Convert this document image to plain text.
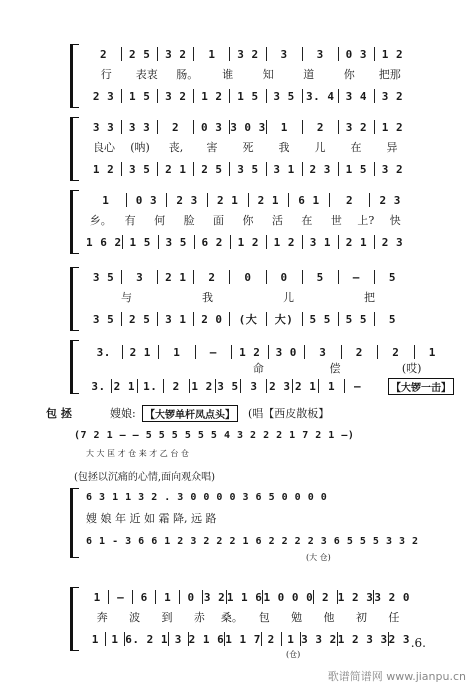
2	2 5	3 2	1	3 2	3	3	0 3	1 2
行	表衷	肠。	谁	知	道	你	把那
2 3	1 5	3 2	1 2	1 5	3 5	3. 4	3 4	3 2
3 3	3 3	2	0 3 3 0 3	1	2	3 2	1 2
良心	(呐)	丧,	害	死	我	儿	在	异
1 2	3 5	2 1	2 5	3 5	3 1	2 3	1 5	3 2
1	0 3	2 3	2 1	2 1	6 1	2	2 3
乡。	有	何	脸	面	你	活	在	世	上?	快
1 6 2 1 5	3 5	6 2	1 2	1 2	3 1	2 1	2 3
3 5	3	2 1	2	0	0	5	—	5
与	我	儿	把
3 5	2 5	3 1	2 0	(大	大)	5 5	5 5	5
3.	2 1	1	—	1 2	3 0	3	2	2	1
命	偿	(哎)
3. 2 1 1.	2	1 2 3 5	3	2 3 2 1	1	—	【大锣一击】
包 拯	嫂娘: 【大锣单杆凤点头】 (唱【西皮散板】
(7 2 1 — — 5 5 5 5 5 5 4 3 2 2 2 1 7 2 1 —)
大 大 匡 才 仓 来 才 乙 台 仓
(包拯以沉痛的心情,面向观众唱)
6 3 1 1 3 2 . 3 0 0 0 0 3 6 5 0 0 0 0
嫂 娘 年 近 如 霜 降, 远 路
6 1 - 3 6 6 1 2 3 2 2 2 1 6 2 2 2 2 3 6 5 5 5 3 3 2
(大 仓)
1	—	6	1	0 3 2 1 1 6 1 0 0 0 2 1 2 3 3 2 0
奔	波	到	赤	桑。	包	勉	他	初	任
1	1 6. 2 1 3 2 1 6 1 1 7 2	1 3 3 2 1 2 3 3 2 3
(仓)
.6.
歌谱简谱网 www.jianpu.cn
